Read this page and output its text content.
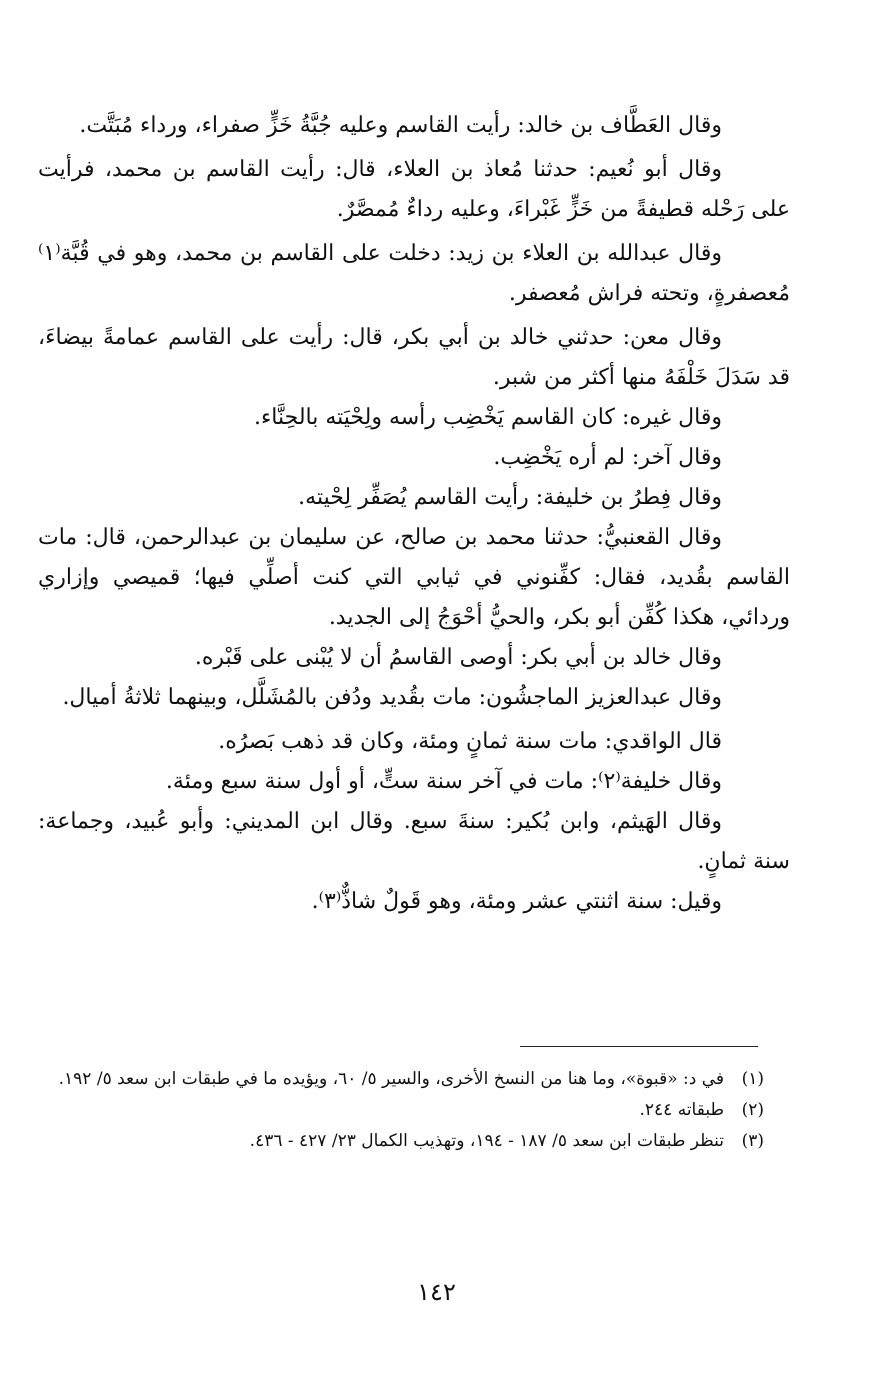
وقال العَطَّاف بن خالد: رأيت القاسم وعليه جُبَّةُ خَزٍّ صفراء، ورداء مُبَتَّت.

وقال أبو نُعيم: حدثنا مُعاذ بن العلاء، قال: رأيت القاسم بن محمد، فرأيت على رَحْله قطيفةً من خَزٍّ غَبْراءَ، وعليه رداءٌ مُمصَّرٌ.

وقال عبدالله بن العلاء بن زيد: دخلت على القاسم بن محمد، وهو في قُبَّة⁽١⁾ مُعصفرةٍ، وتحته فراش مُعصفر.

وقال معن: حدثني خالد بن أبي بكر، قال: رأيت على القاسم عمامةً بيضاءَ، قد سَدَلَ خَلْفَهُ منها أكثر من شبر.

وقال غيره: كان القاسم يَخْضِب رأسه ولِحْيَته بالحِنَّاء.

وقال آخر: لم أره يَخْضِب.

وقال فِطرُ بن خليفة: رأيت القاسم يُصَفِّر لِحْيته.

وقال القعنبيُّ: حدثنا محمد بن صالح، عن سليمان بن عبدالرحمن، قال: مات القاسم بقُديد، فقال: كفِّنوني في ثيابي التي كنت أصلِّي فيها؛ قميصي وإزاري وردائي، هكذا كُفِّن أبو بكر، والحيُّ أحْوَجُ إلى الجديد.

وقال خالد بن أبي بكر: أوصى القاسمُ أن لا يُبْنى على قَبْره.

وقال عبدالعزيز الماجشُون: مات بقُديد ودُفن بالمُشَلَّل، وبينهما ثلاثةُ أميال.

قال الواقدي: مات سنة ثمانٍ ومئة، وكان قد ذهب بَصرُه.

وقال خليفة⁽٢⁾: مات في آخر سنة ستٍّ، أو أول سنة سبع ومئة.

وقال الهَيثم، وابن بُكير: سنةَ سبع. وقال ابن المديني: وأبو عُبيد، وجماعة: سنة ثمانٍ.

وقيل: سنة اثنتي عشر ومئة، وهو قَولٌ شاذٌّ⁽٣⁾.

(١)
في د: «قبوة»، وما هنا من النسخ الأخرى، والسير ٥/ ٦٠، ويؤيده ما في طبقات ابن سعد ٥/ ١٩٢.
(٢)
طبقاته ٢٤٤.
(٣)
تنظر طبقات ابن سعد ٥/ ١٨٧ - ١٩٤، وتهذيب الكمال ٢٣/ ٤٢٧ - ٤٣٦.
١٤٢
